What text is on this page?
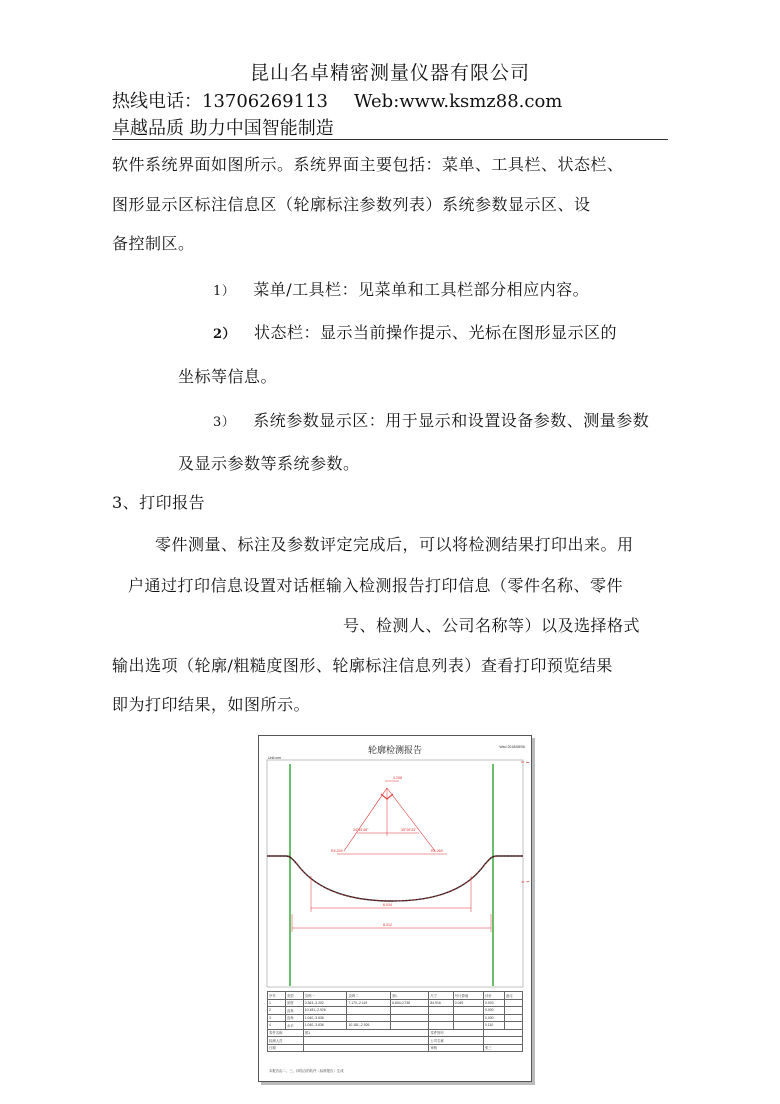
昆山名卓精密测量仪器有限公司
热线电话：13706269113 Web:www.ksmz88.com
卓越品质 助力中国智能制造
软件系统界面如图所示。系统界面主要包括：菜单、工具栏、状态栏、
图形显示区标注信息区（轮廓标注参数列表）系统参数显示区、设
备控制区。
1） 菜单/工具栏：见菜单和工具栏部分相应内容。
2） 状态栏：显示当前操作提示、光标在图形显示区的
坐标等信息。
3） 系统参数显示区：用于显示和设置设备参数、测量参数
及显示参数等系统参数。
3、打印报告
零件测量、标注及参数评定完成后，可以将检测结果打印出来。用
户通过打印信息设置对话框输入检测报告打印信息（零件名称、零件
号、检测人、公司名称等）以及选择格式
输出选项（轮廓/粗糙度图形、轮廓标注信息列表）查看打印预览结果
即为打印结果，如图所示。
轮廓检测报告	Wed 2018/08/06
Unit:mm
3.208
34°15'48"	35°26'33"
R4.249	R4.269
6.034
8.312
序号	类型	页码一	页码二	宽L	尺寸	号计算值	评价	备注
1	宽度	0.363,-3.202	7.170,-2.119	6.804,0.738	84.916	0.049	0.003	
2	直角	10.181,-2.926					0.000	
3	直角	1.040,-3.636					0.000	
4	水平	1.040,-3.636	10.181,-2.926				0.110	
零件名称		图1			零件图号			
检测人员					公司名称			
日期					审核		张三	
本报告由二、三、四结合的软件（标准报告）生成
